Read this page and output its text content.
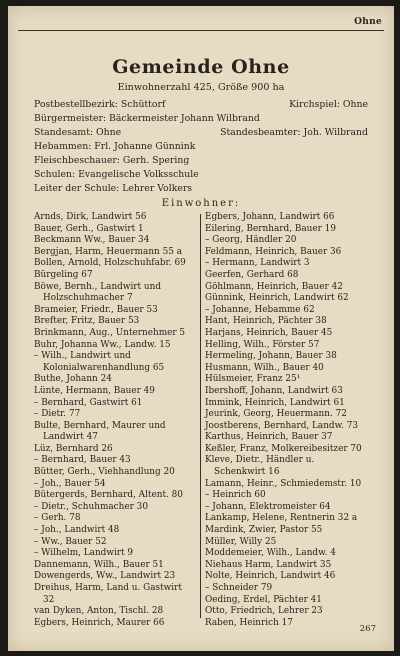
Ohne
Gemeinde Ohne
Einwohnerzahl 425, Größe 900 ha
Postbestellbezirk: Schüttorf	Kirchspiel: Ohne
Bürgermeister: Bäckermeister Johann Wilbrand
Standesamt: Ohne	Standesbeamter: Joh. Wilbrand
Hebammen: Frl. Johanne Günnink
Fleischbeschauer: Gerh. Spering
Schulen: Evangelische Volksschule
Leiter der Schule: Lehrer Volkers
Einwohner:
Arnds, Dirk, Landwirt 56
Bauer, Gerh., Gastwirt 1
Beckmann Ww., Bauer 34
Bergjan, Harm, Heuermann 55 a
Bollen, Arnold, Holzschuhfabr. 69
Bürgeling 67
Böwe, Bernh., Landwirt und Holzschuhmacher 7
Brameier, Friedr., Bauer 53
Brefter, Fritz, Bauer 53
Brinkmann, Aug., Unternehmer 5
Buhr, Johanna Ww., Landw. 15
– Wilh., Landwirt und Kolonialwarenhandlung 65
Buthe, Johann 24
Lünte, Hermann, Bauer 49
– Bernhard, Gastwirt 61
– Dietr. 77
Bulte, Bernhard, Maurer und Landwirt 47
Lüz, Bernhard 26
– Bernhard, Bauer 43
Bütter, Gerh., Viehhandlung 20
– Joh., Bauer 54
Bütergerds, Bernhard, Altent. 80
– Dietr., Schuhmacher 30
– Gerh. 78
– Joh., Landwirt 48
– Ww., Bauer 52
– Wilhelm, Landwirt 9
Dannemann, Wilh., Bauer 51
Dowengerds, Ww., Landwirt 23
Dreihus, Harm, Land u. Gastwirt 32
van Dyken, Anton, Tischl. 28
Egbers, Heinrich, Maurer 66
Egbers, Johann, Landwirt 66
Eilering, Bernhard, Bauer 19
– Georg, Händler 20
Feldmann, Heinrich, Bauer 36
– Hermann, Landwirt 3
Geerfen, Gerhard 68
Göhlmann, Heinrich, Bauer 42
Günnink, Heinrich, Landwirt 62
– Johanne, Hebamme 62
Hant, Heinrich, Pächter 38
Harjans, Heinrich, Bauer 45
Helling, Wilh., Förster 57
Hermeling, Johann, Bauer 38
Husmann, Wilh., Bauer 40
Hülsmeier, Franz 25¹
Ibershoff, Johann, Landwirt 63
Immink, Heinrich, Landwirt 61
Jeurink, Georg, Heuermann. 72
Joostberens, Bernhard, Landw. 73
Karthus, Heinrich, Bauer 37
Keßler, Franz, Molkereibesitzer 70
Kleve, Dietr., Händler u. Schenkwirt 16
Lamann, Heinr., Schmiedemstr. 10
– Heinrich 60
– Johann, Elektromeister 64
Lankamp, Helene, Rentnerin 32 a
Mardink, Zwier, Pastor 55
Müller, Willy 25
Moddemeier, Wilh., Landw. 4
Niehaus Harm, Landwirt 35
Nolte, Heinrich, Landwirt 46
– Schneider 79
Oeding, Erdel, Pächter 41
Otto, Friedrich, Lehrer 23
Raben, Heinrich 17
267
